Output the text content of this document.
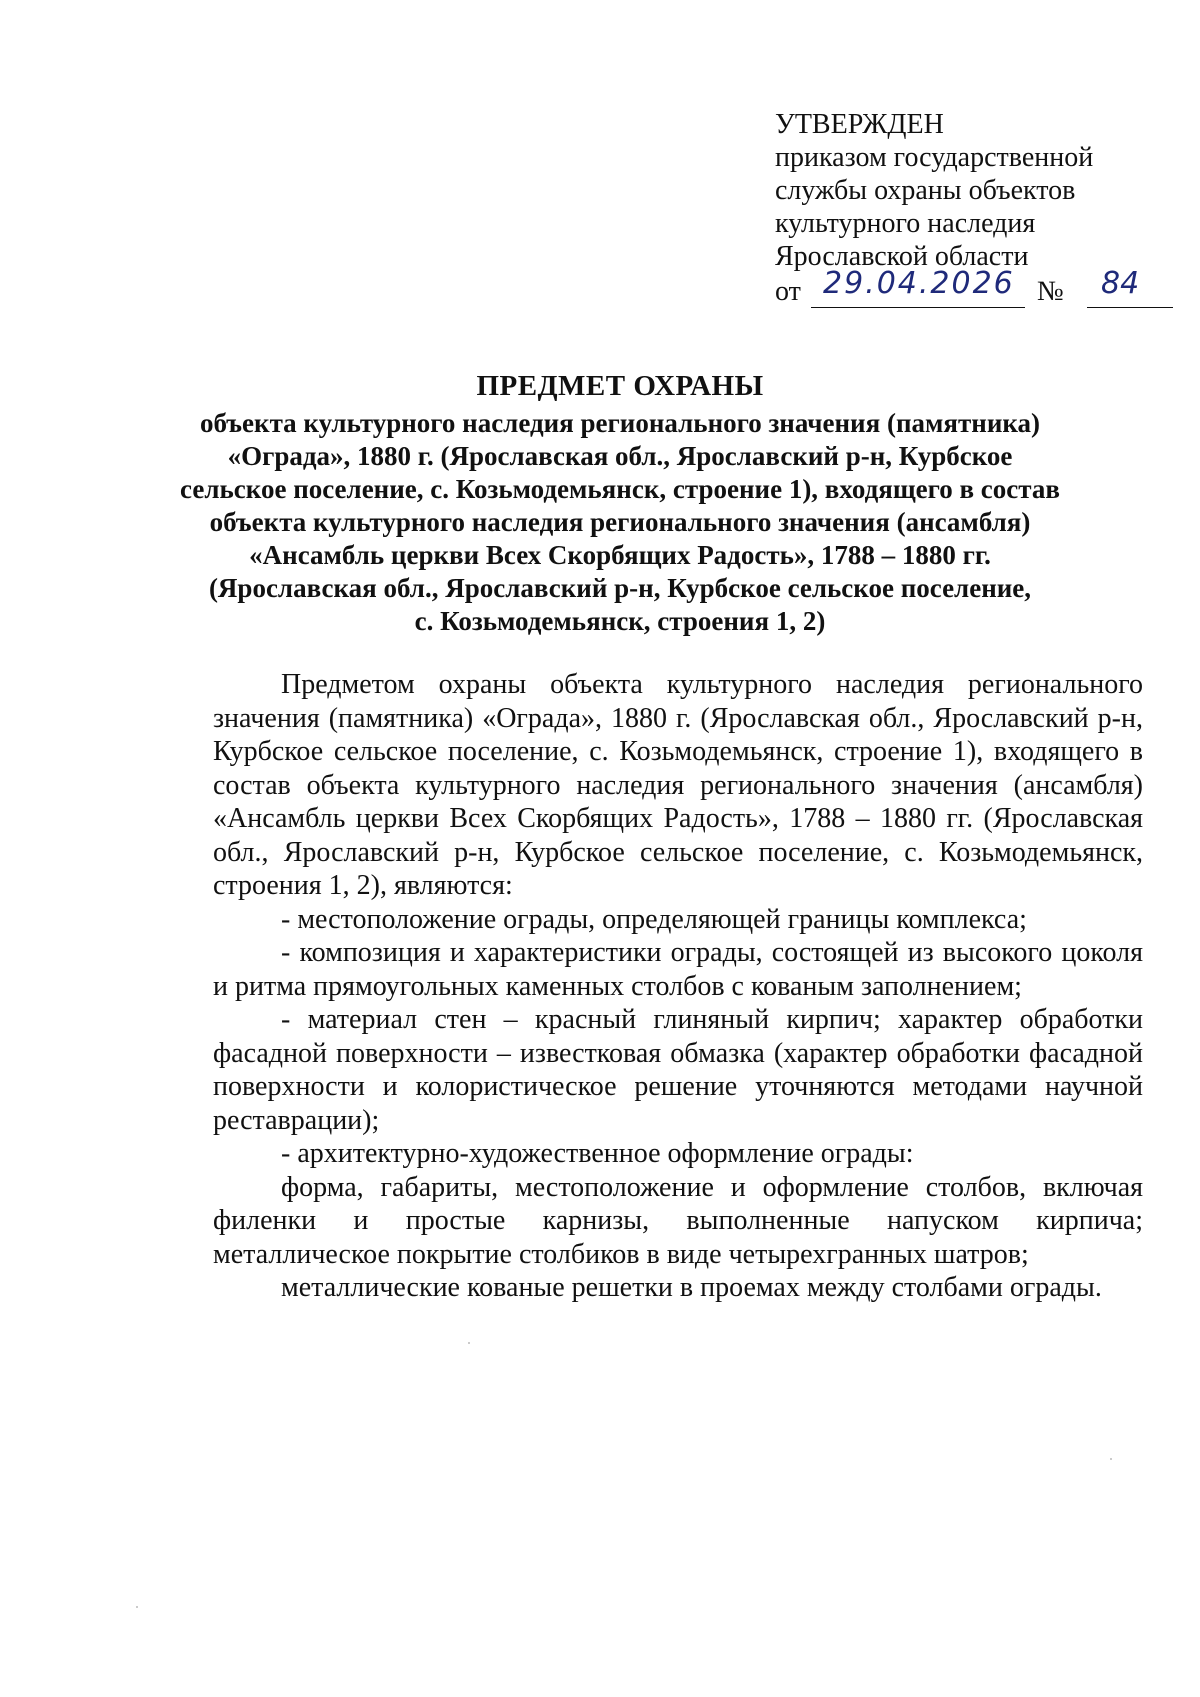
УТВЕРЖДЕН
приказом государственной
службы охраны объектов
культурного наследия
Ярославской области
от 29.04.2026 № 84
ПРЕДМЕТ ОХРАНЫ
объекта культурного наследия регионального значения (памятника)
«Ограда», 1880 г. (Ярославская обл., Ярославский р-н, Курбское
сельское поселение, с. Козьмодемьянск, строение 1), входящего в состав
объекта культурного наследия регионального значения (ансамбля)
«Ансамбль церкви Всех Скорбящих Радость», 1788 – 1880 гг.
(Ярославская обл., Ярославский р-н, Курбское сельское поселение,
с. Козьмодемьянск, строения 1, 2)

Предметом охраны объекта культурного наследия регионального значения (памятника) «Ограда», 1880 г. (Ярославская обл., Ярославский р-н, Курбское сельское поселение, с. Козьмодемьянск, строение 1), входящего в состав объекта культурного наследия регионального значения (ансамбля) «Ансамбль церкви Всех Скорбящих Радость», 1788 – 1880 гг. (Ярославская обл., Ярославский р-н, Курбское сельское поселение, с. Козьмодемьянск, строения 1, 2), являются:

- местоположение ограды, определяющей границы комплекса;

- композиция и характеристики ограды, состоящей из высокого цоколя и ритма прямоугольных каменных столбов с кованым заполнением;

- материал стен – красный глиняный кирпич; характер обработки фасадной поверхности – известковая обмазка (характер обработки фасадной поверхности и колористическое решение уточняются методами научной реставрации);

- архитектурно-художественное оформление ограды:

форма, габариты, местоположение и оформление столбов, включая филенки и простые карнизы, выполненные напуском кирпича; металлическое покрытие столбиков в виде четырехгранных шатров;

металлические кованые решетки в проемах между столбами ограды.
